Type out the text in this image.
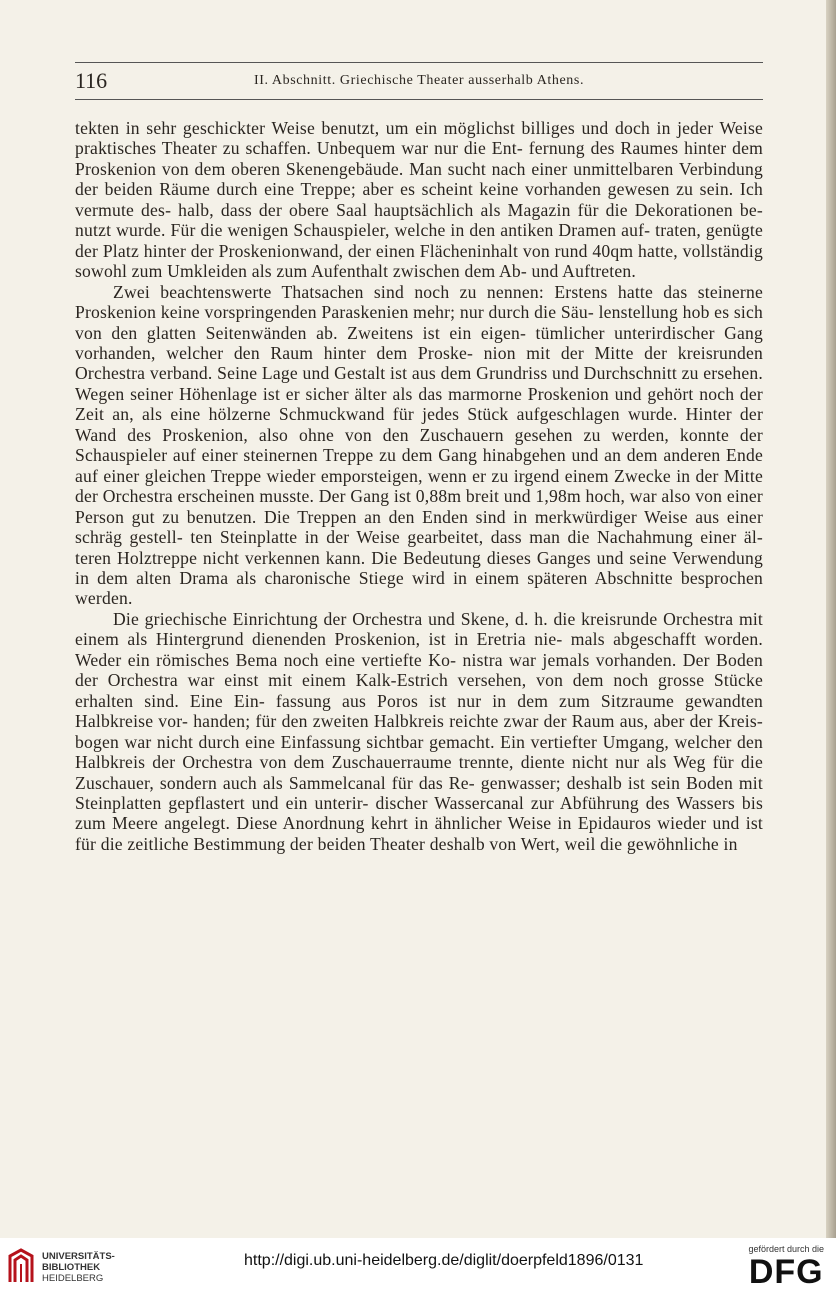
116	II. Abschnitt. Griechische Theater ausserhalb Athens.

tekten in sehr geschickter Weise benutzt, um ein möglichst billiges und doch in jeder Weise praktisches Theater zu schaffen. Unbequem war nur die Ent- fernung des Raumes hinter dem Proskenion von dem oberen Skenengebäude. Man sucht nach einer unmittelbaren Verbindung der beiden Räume durch eine Treppe; aber es scheint keine vorhanden gewesen zu sein. Ich vermute des- halb, dass der obere Saal hauptsächlich als Magazin für die Dekorationen be- nutzt wurde. Für die wenigen Schauspieler, welche in den antiken Dramen auf- traten, genügte der Platz hinter der Proskenionwand, der einen Flächeninhalt von rund 40qm hatte, vollständig sowohl zum Umkleiden als zum Aufenthalt zwischen dem Ab- und Auftreten.

Zwei beachtenswerte Thatsachen sind noch zu nennen: Erstens hatte das steinerne Proskenion keine vorspringenden Paraskenien mehr; nur durch die Säu- lenstellung hob es sich von den glatten Seitenwänden ab. Zweitens ist ein eigen- tümlicher unterirdischer Gang vorhanden, welcher den Raum hinter dem Proske- nion mit der Mitte der kreisrunden Orchestra verband. Seine Lage und Gestalt ist aus dem Grundriss und Durchschnitt zu ersehen. Wegen seiner Höhenlage ist er sicher älter als das marmorne Proskenion und gehört noch der Zeit an, als eine hölzerne Schmuckwand für jedes Stück aufgeschlagen wurde. Hinter der Wand des Proskenion, also ohne von den Zuschauern gesehen zu werden, konnte der Schauspieler auf einer steinernen Treppe zu dem Gang hinabgehen und an dem anderen Ende auf einer gleichen Treppe wieder emporsteigen, wenn er zu irgend einem Zwecke in der Mitte der Orchestra erscheinen musste. Der Gang ist 0,88m breit und 1,98m hoch, war also von einer Person gut zu benutzen. Die Treppen an den Enden sind in merkwürdiger Weise aus einer schräg gestell- ten Steinplatte in der Weise gearbeitet, dass man die Nachahmung einer äl- teren Holztreppe nicht verkennen kann. Die Bedeutung dieses Ganges und seine Verwendung in dem alten Drama als charonische Stiege wird in einem späteren Abschnitte besprochen werden.

Die griechische Einrichtung der Orchestra und Skene, d. h. die kreisrunde Orchestra mit einem als Hintergrund dienenden Proskenion, ist in Eretria nie- mals abgeschafft worden. Weder ein römisches Bema noch eine vertiefte Ko- nistra war jemals vorhanden. Der Boden der Orchestra war einst mit einem Kalk-Estrich versehen, von dem noch grosse Stücke erhalten sind. Eine Ein- fassung aus Poros ist nur in dem zum Sitzraume gewandten Halbkreise vor- handen; für den zweiten Halbkreis reichte zwar der Raum aus, aber der Kreis- bogen war nicht durch eine Einfassung sichtbar gemacht. Ein vertiefter Umgang, welcher den Halbkreis der Orchestra von dem Zuschauerraume trennte, diente nicht nur als Weg für die Zuschauer, sondern auch als Sammelcanal für das Re- genwasser; deshalb ist sein Boden mit Steinplatten gepflastert und ein unterir- discher Wassercanal zur Abführung des Wassers bis zum Meere angelegt. Diese Anordnung kehrt in ähnlicher Weise in Epidauros wieder und ist für die zeitliche Bestimmung der beiden Theater deshalb von Wert, weil die gewöhnliche in

UNIVERSITÄTS-
BIBLIOTHEK
HEIDELBERG
http://digi.ub.uni-heidelberg.de/diglit/doerpfeld1896/0131
gefördert durch die
DFG
